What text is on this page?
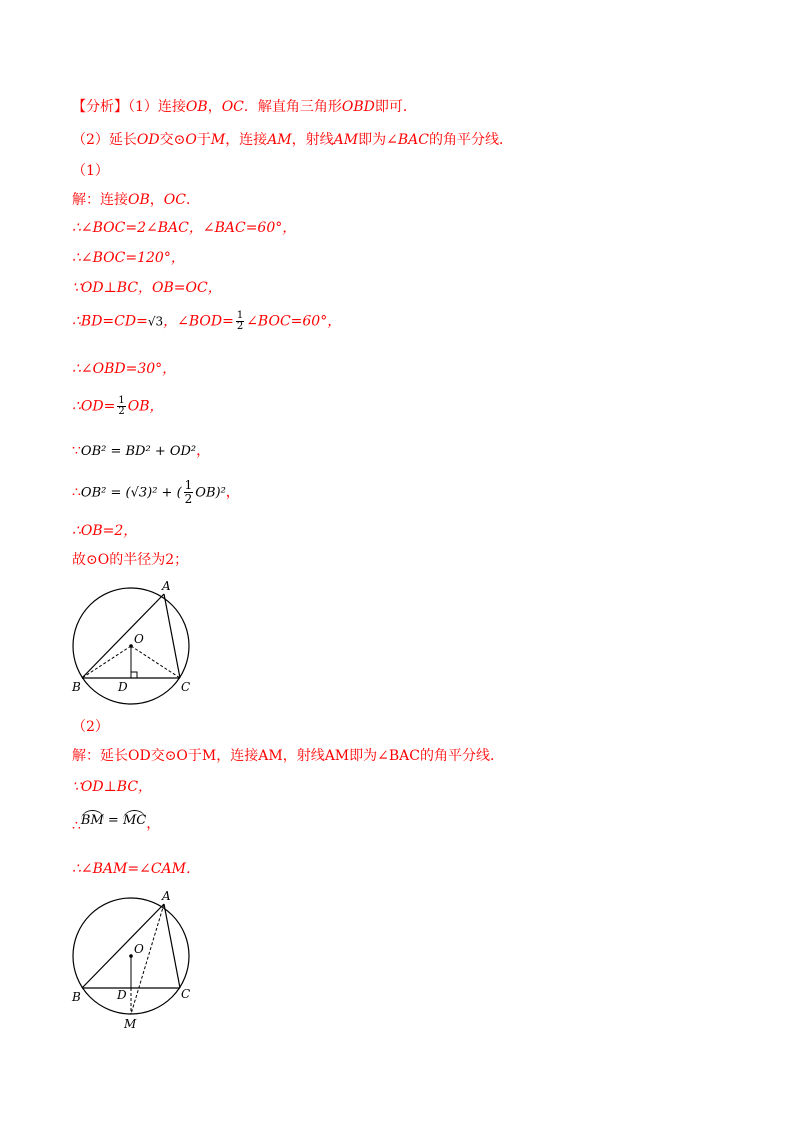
【分析】（1）连接OB，OC．解直角三角形OBD即可．
（2）延长OD交⊙O于M，连接AM，射线AM即为∠BAC的角平分线．
（1）
解：连接OB，OC．
∴∠BOC=2∠BAC，∠BAC=60°，
∴∠BOC=120°，
∵OD⊥BC，OB=OC，
∴BD=CD=√3，∠BOD= $\frac{1}{2}$ ∠BOC=60°，
∴∠OBD=30°，
∴OD= $\frac{1}{2}$ OB，
∵OB² = BD² + OD²，
∴OB² = (√3)² + ( $\frac{1}{2} OB)^2$，
∴OB=2，
故⊙O的半径为2；
A
B	C
D
O
（2）
解：延长OD交⊙O于M，连接AM，射线AM即为∠BAC的角平分线．
∵OD⊥BC，
∴BM = MC，
∴∠BAM=∠CAM．
A
B	C
D
O
M
